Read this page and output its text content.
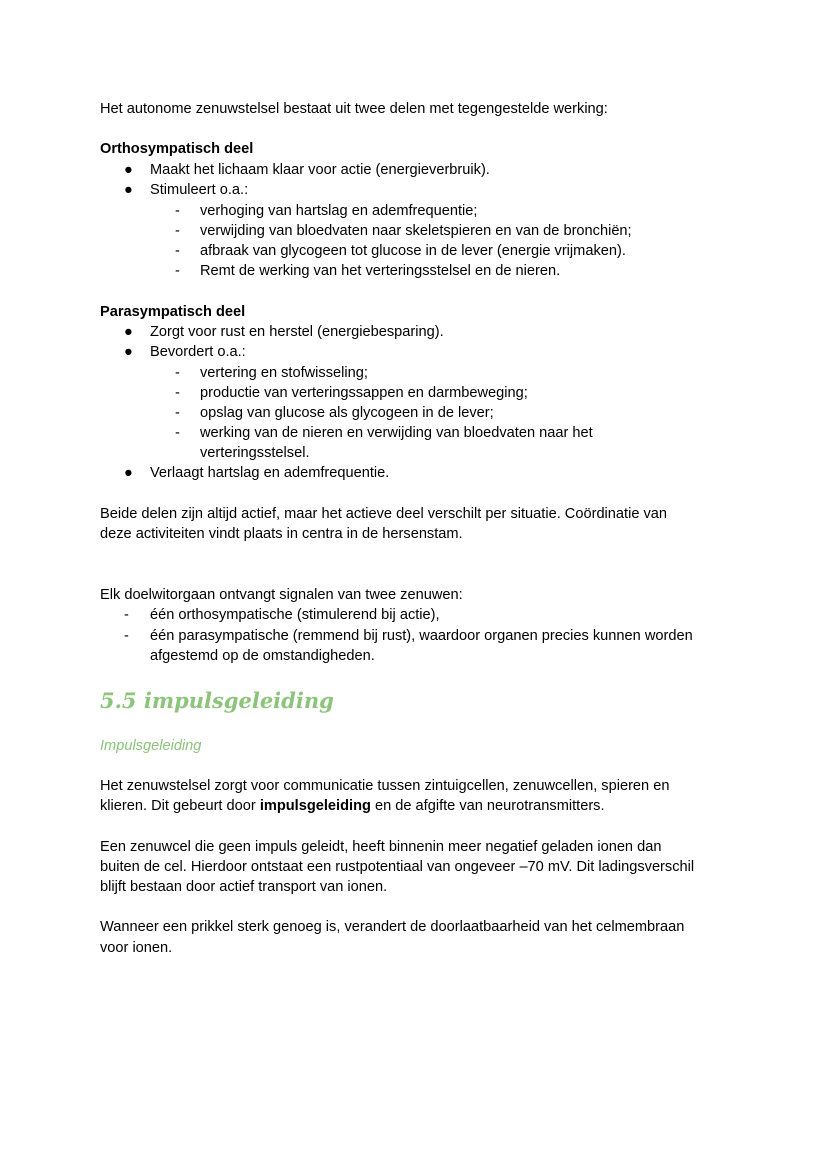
Het autonome zenuwstelsel bestaat uit twee delen met tegengestelde werking:
Orthosympatisch deel
● Maakt het lichaam klaar voor actie (energieverbruik).
● Stimuleert o.a.:
- verhoging van hartslag en ademfrequentie;
- verwijding van bloedvaten naar skeletspieren en van de bronchiën;
- afbraak van glycogeen tot glucose in de lever (energie vrijmaken).
- Remt de werking van het verteringsstelsel en de nieren.
Parasympatisch deel
● Zorgt voor rust en herstel (energiebesparing).
● Bevordert o.a.:
- vertering en stofwisseling;
- productie van verteringssappen en darmbeweging;
- opslag van glucose als glycogeen in de lever;
- werking van de nieren en verwijding van bloedvaten naar het
verteringsstelsel.
● Verlaagt hartslag en ademfrequentie.
Beide delen zijn altijd actief, maar het actieve deel verschilt per situatie. Coördinatie van
deze activiteiten vindt plaats in centra in de hersenstam.
Elk doelwitorgaan ontvangt signalen van twee zenuwen:
- één orthosympatische (stimulerend bij actie),
- één parasympatische (remmend bij rust), waardoor organen precies kunnen worden
afgestemd op de omstandigheden.
5.5 impulsgeleiding
Impulsgeleiding
Het zenuwstelsel zorgt voor communicatie tussen zintuigcellen, zenuwcellen, spieren en
klieren. Dit gebeurt door impulsgeleiding en de afgifte van neurotransmitters.
Een zenuwcel die geen impuls geleidt, heeft binnenin meer negatief geladen ionen dan
buiten de cel. Hierdoor ontstaat een rustpotentiaal van ongeveer –70 mV. Dit ladingsverschil
blijft bestaan door actief transport van ionen.
Wanneer een prikkel sterk genoeg is, verandert de doorlaatbaarheid van het celmembraan
voor ionen.
